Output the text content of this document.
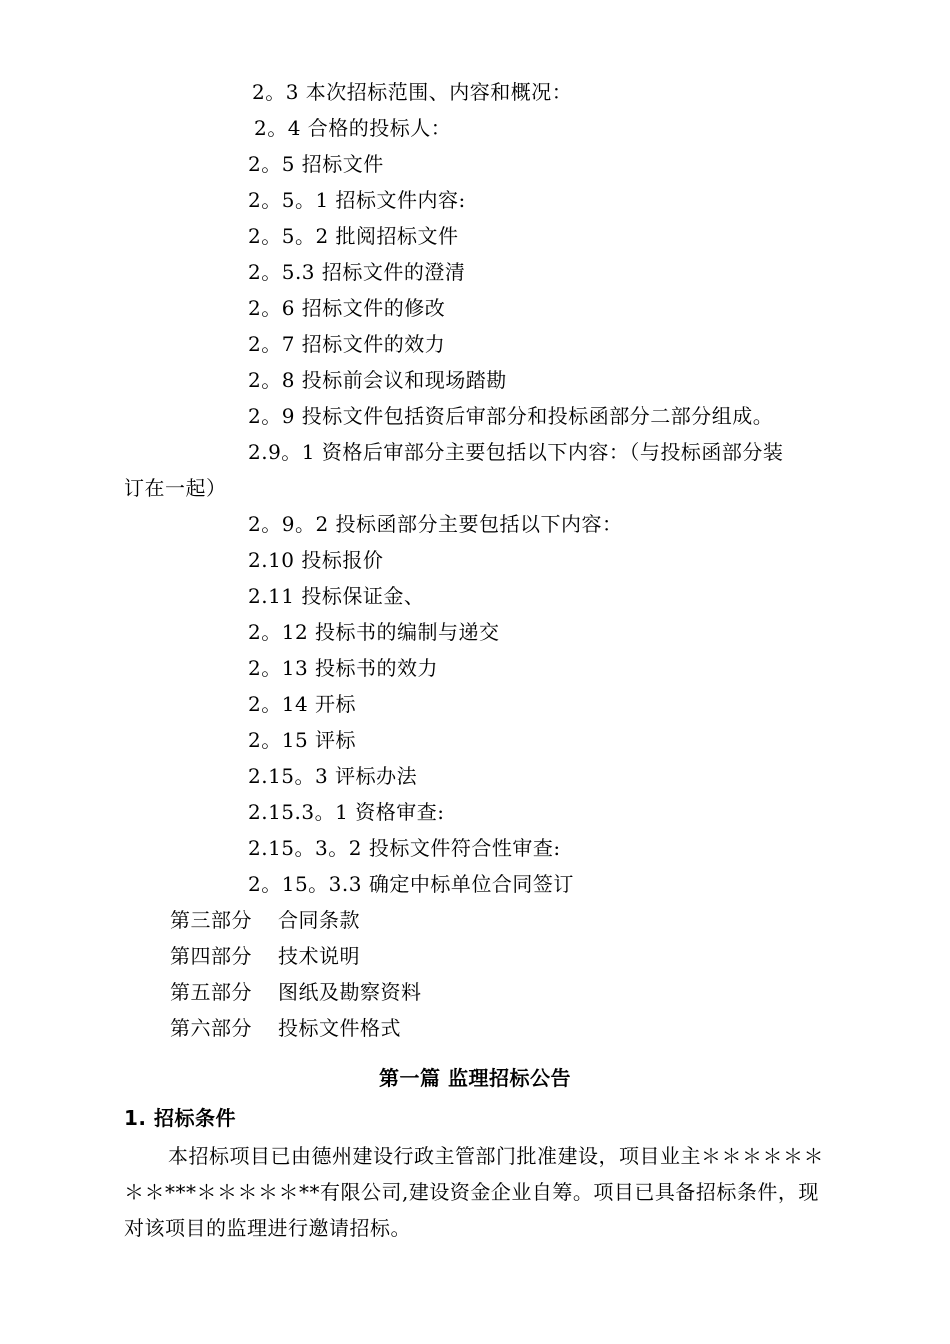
2。3 本次招标范围、内容和概况：
2。4 合格的投标人：
2。5 招标文件
2。5。1 招标文件内容:
2。5。2 批阅招标文件
2。5.3 招标文件的澄清
2。6 招标文件的修改
2。7 招标文件的效力
2。8 投标前会议和现场踏勘
2。9 投标文件包括资后审部分和投标函部分二部分组成。
2.9。1 资格后审部分主要包括以下内容：（与投标函部分装
订在一起）
2。9。2 投标函部分主要包括以下内容：
2.10 投标报价
2.11 投标保证金、
2。12 投标书的编制与递交
2。13 投标书的效力
2。14 开标
2。15 评标
2.15。3 评标办法
2.15.3。1 资格审查:
2.15。3。2 投标文件符合性审查:
2。15。3.3 确定中标单位合同签订
第三部分 合同条款
第四部分 技术说明
第五部分 图纸及勘察资料
第六部分 投标文件格式
第一篇 监理招标公告
1. 招标条件
本招标项目已由德州建设行政主管部门批准建设，项目业主＊＊＊＊＊＊＊＊***＊＊＊＊＊**有限公司,建设资金企业自筹。项目已具备招标条件，现对该项目的监理进行邀请招标。
